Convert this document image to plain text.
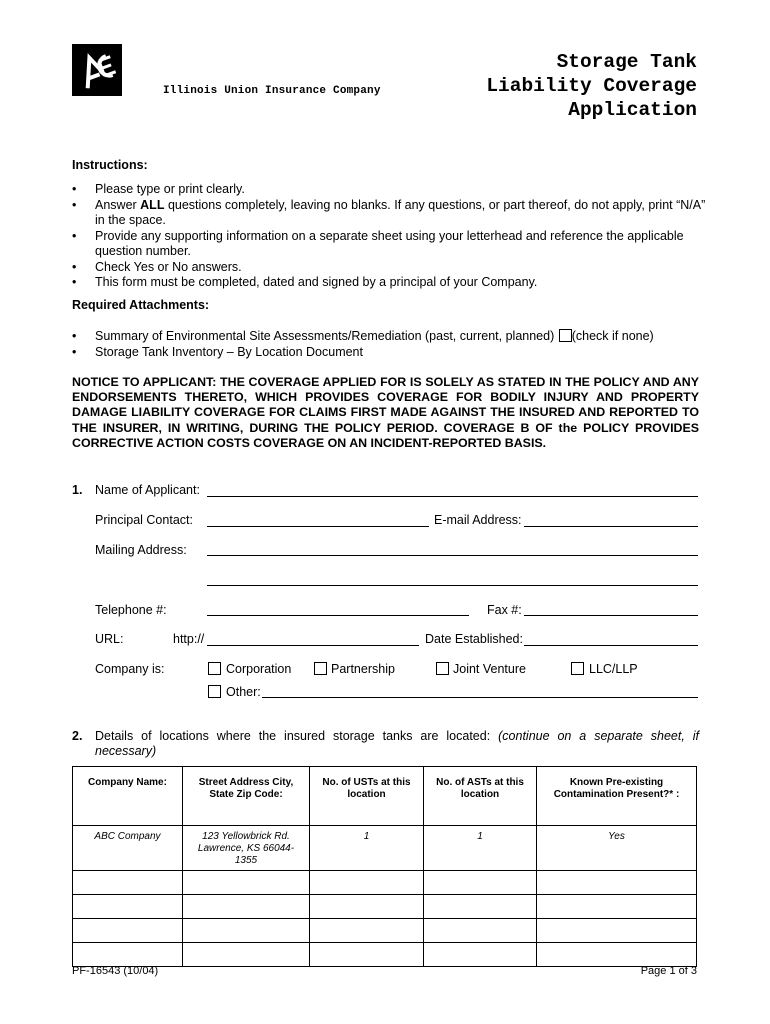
Illinois Union Insurance Company
Storage Tank
Liability Coverage
Application
Instructions:
• Please type or print clearly.
• Answer ALL questions completely, leaving no blanks. If any questions, or part thereof, do not apply, print “N/A” in the space.
• Provide any supporting information on a separate sheet using your letterhead and reference the applicable question number.
• Check Yes or No answers.
• This form must be completed, dated and signed by a principal of your Company.
Required Attachments:
• Summary of Environmental Site Assessments/Remediation (past, current, planned) (check if none)
• Storage Tank Inventory – By Location Document
NOTICE TO APPLICANT: THE COVERAGE APPLIED FOR IS SOLELY AS STATED IN THE POLICY AND ANY ENDORSEMENTS THERETO, WHICH PROVIDES COVERAGE FOR BODILY INJURY AND PROPERTY DAMAGE LIABILITY COVERAGE FOR CLAIMS FIRST MADE AGAINST THE INSURED AND REPORTED TO THE INSURER, IN WRITING, DURING THE POLICY PERIOD. COVERAGE B OF the POLICY PROVIDES CORRECTIVE ACTION COSTS COVERAGE ON AN INCIDENT-REPORTED BASIS.
1. Name of Applicant:
Principal Contact:	E-mail Address:
Mailing Address:
Telephone #:	Fax #:
URL:	http://	Date Established:
Company is:	Corporation	Partnership	Joint Venture	LLC/LLP
Other:
2. Details of locations where the insured storage tanks are located: (continue on a separate sheet, if necessary)
Company Name:	Street Address City, State Zip Code:	No. of USTs at this location	No. of ASTs at this location	Known Pre-existing Contamination Present?* :
ABC Company	123 Yellowbrick Rd. Lawrence, KS 66044-1355	1	1	Yes

PF-16543 (10/04)	Page 1 of 3
